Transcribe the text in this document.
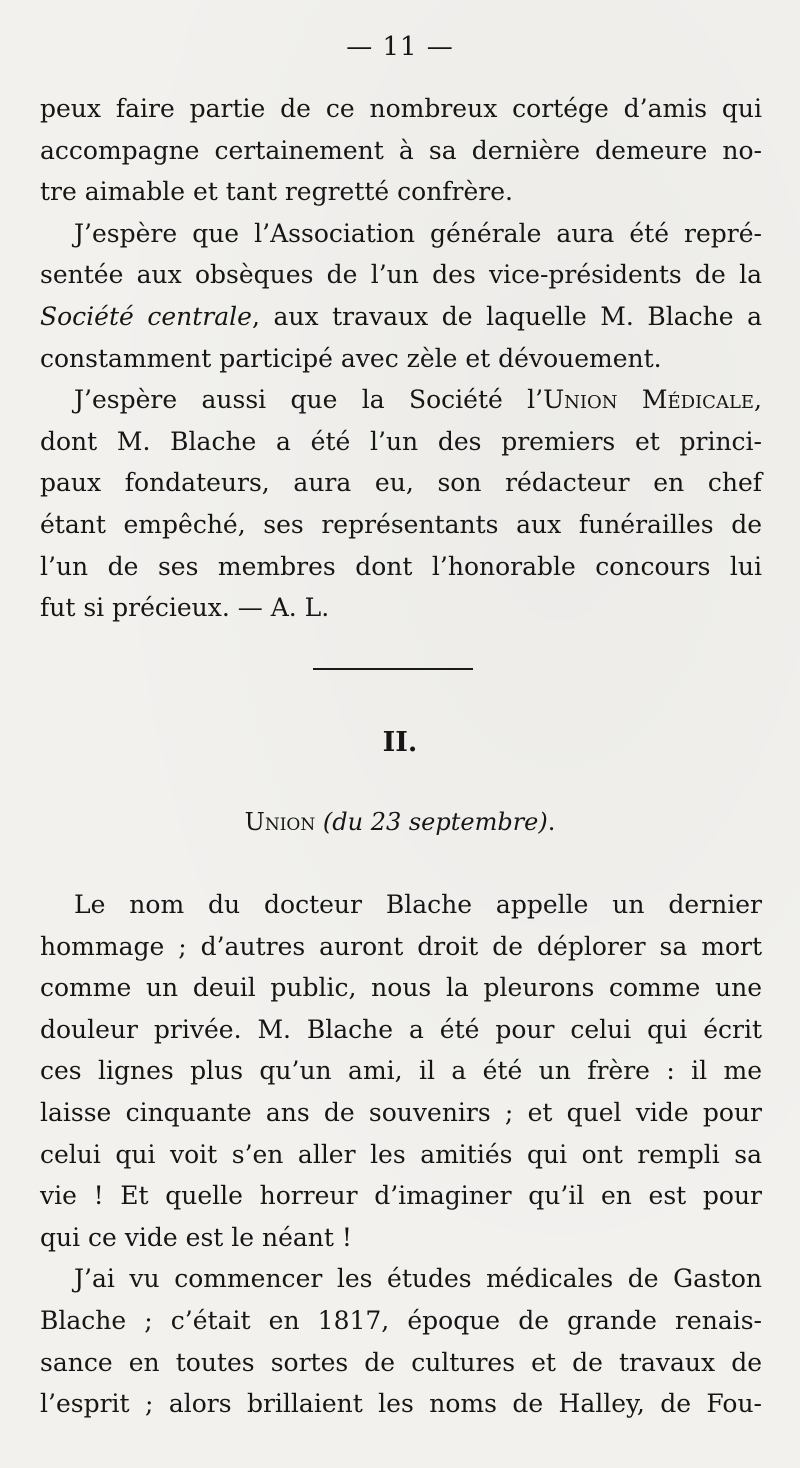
— 11 —
peux faire partie de ce nombreux cortége d’amis qui
accompagne certainement à sa dernière demeure no-
tre aimable et tant regretté confrère.
J’espère que l’Association générale aura été repré-
sentée aux obsèques de l’un des vice-présidents de la
Société centrale, aux travaux de laquelle M. Blache a
constamment participé avec zèle et dévouement.
J’espère aussi que la Société l’Union Médicale,
dont M. Blache a été l’un des premiers et princi-
paux fondateurs, aura eu, son rédacteur en chef
étant empêché, ses représentants aux funérailles de
l’un de ses membres dont l’honorable concours lui
fut si précieux. — A. L.
II.
Union (du 23 septembre).
Le nom du docteur Blache appelle un dernier
hommage ; d’autres auront droit de déplorer sa mort
comme un deuil public, nous la pleurons comme une
douleur privée. M. Blache a été pour celui qui écrit
ces lignes plus qu’un ami, il a été un frère : il me
laisse cinquante ans de souvenirs ; et quel vide pour
celui qui voit s’en aller les amitiés qui ont rempli sa
vie ! Et quelle horreur d’imaginer qu’il en est pour
qui ce vide est le néant !
J’ai vu commencer les études médicales de Gaston
Blache ; c’était en 1817, époque de grande renais-
sance en toutes sortes de cultures et de travaux de
l’esprit ; alors brillaient les noms de Halley, de Fou-
